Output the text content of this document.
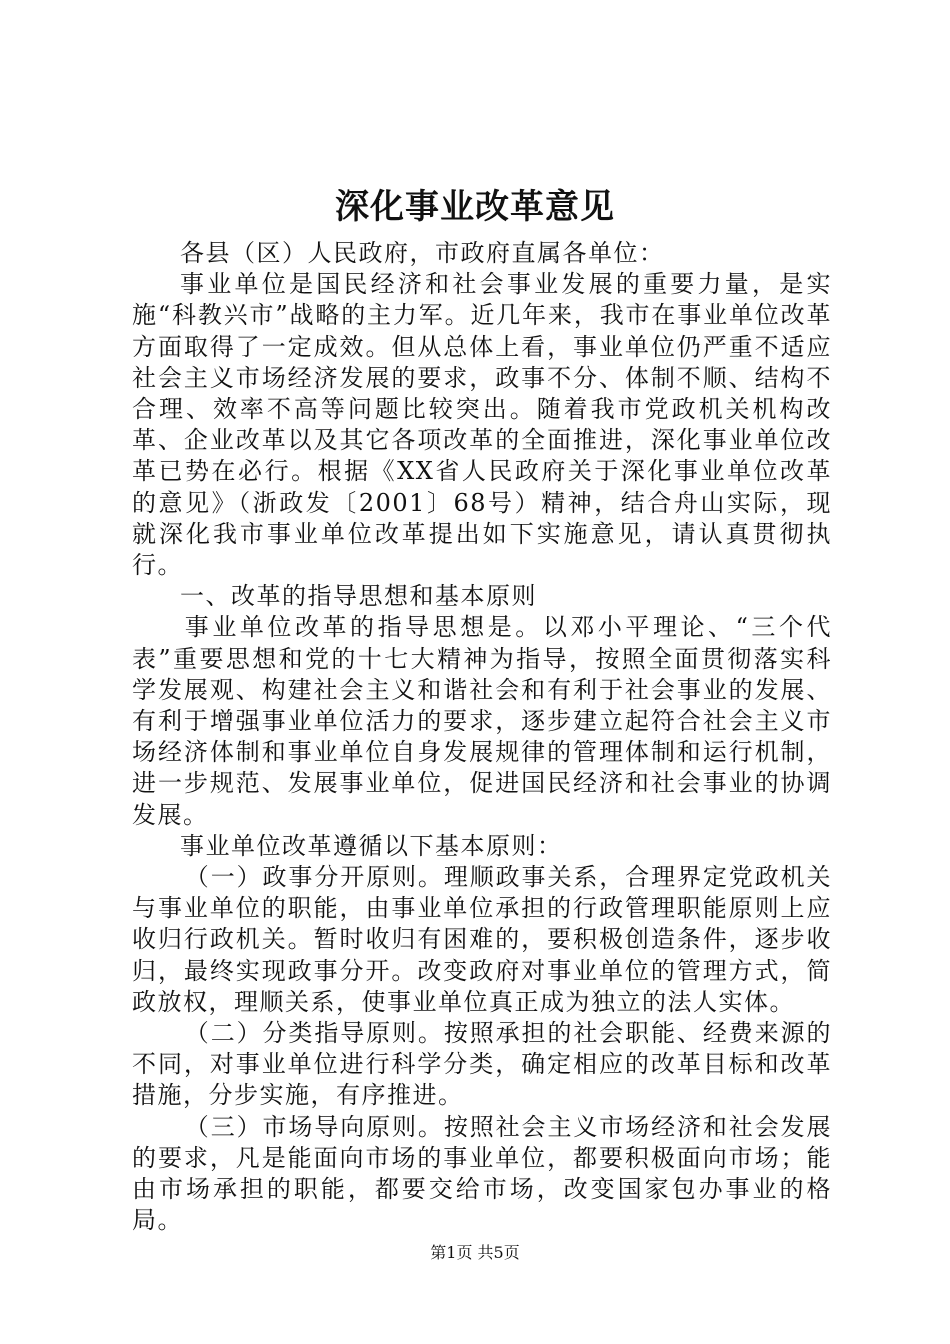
深化事业改革意见

各县（区）人民政府，市政府直属各单位：

事业单位是国民经济和社会事业发展的重要力量，是实施“科教兴市”战略的主力军。近几年来，我市在事业单位改革方面取得了一定成效。但从总体上看，事业单位仍严重不适应社会主义市场经济发展的要求，政事不分、体制不顺、结构不合理、效率不高等问题比较突出。随着我市党政机关机构改革、企业改革以及其它各项改革的全面推进，深化事业单位改革已势在必行。根据《XX省人民政府关于深化事业单位改革的意见》（浙政发〔2001〕68号）精神，结合舟山实际，现就深化我市事业单位改革提出如下实施意见，请认真贯彻执行。

一、改革的指导思想和基本原则

事业单位改革的指导思想是。以邓小平理论、“三个代表”重要思想和党的十七大精神为指导，按照全面贯彻落实科学发展观、构建社会主义和谐社会和有利于社会事业的发展、有利于增强事业单位活力的要求，逐步建立起符合社会主义市场经济体制和事业单位自身发展规律的管理体制和运行机制，进一步规范、发展事业单位，促进国民经济和社会事业的协调发展。

事业单位改革遵循以下基本原则：

（一）政事分开原则。理顺政事关系，合理界定党政机关与事业单位的职能，由事业单位承担的行政管理职能原则上应收归行政机关。暂时收归有困难的，要积极创造条件，逐步收归，最终实现政事分开。改变政府对事业单位的管理方式，简政放权，理顺关系，使事业单位真正成为独立的法人实体。

（二）分类指导原则。按照承担的社会职能、经费来源的不同，对事业单位进行科学分类，确定相应的改革目标和改革措施，分步实施，有序推进。

（三）市场导向原则。按照社会主义市场经济和社会发展的要求，凡是能面向市场的事业单位，都要积极面向市场；能由市场承担的职能，都要交给市场，改变国家包办事业的格局。

第1页 共5页
